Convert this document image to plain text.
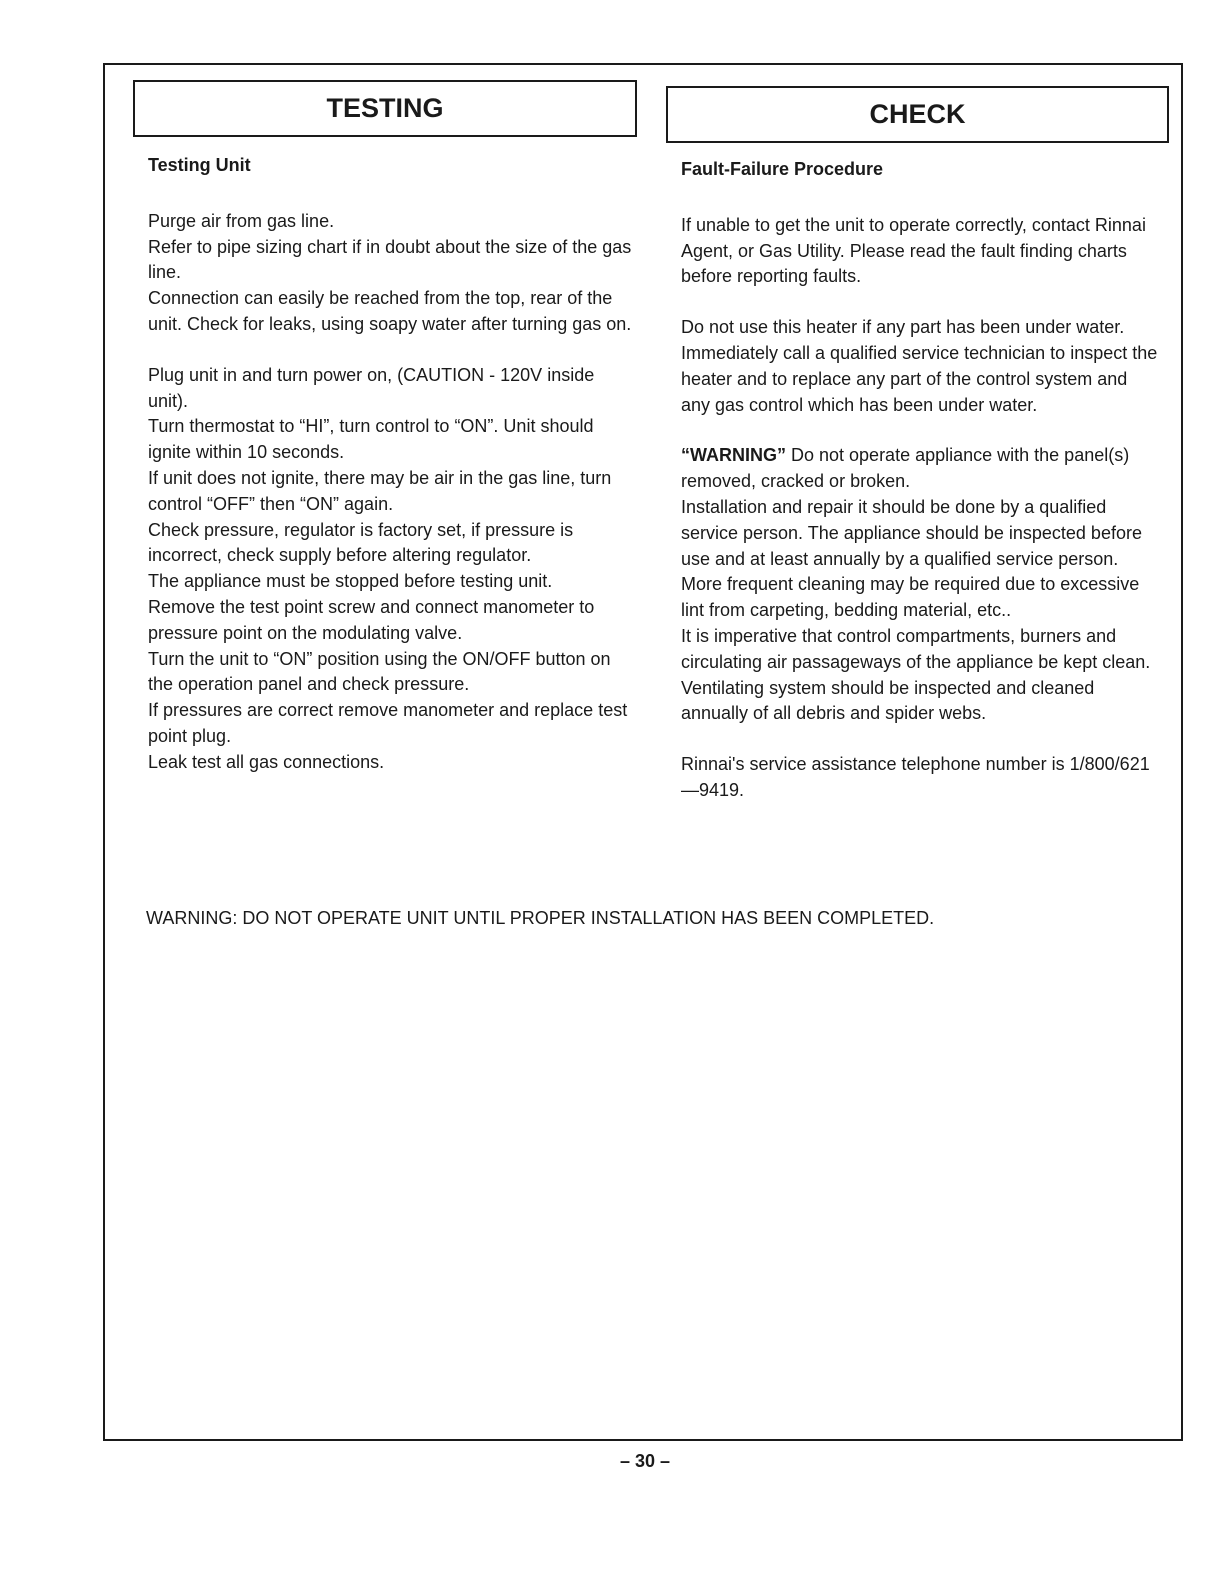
TESTING	CHECK

Testing Unit

Purge air from gas line.

Refer to pipe sizing chart if in doubt about the size of the gas line.

Connection can easily be reached from the top, rear of the unit. Check for leaks, using soapy water after turning gas on.

Plug unit in and turn power on, (CAUTION - 120V inside unit).

Turn thermostat to “HI”, turn control to “ON”. Unit should ignite within 10 seconds.

If unit does not ignite, there may be air in the gas line, turn control “OFF” then “ON” again.

Check pressure, regulator is factory set, if pressure is incorrect, check supply before altering regulator.

The appliance must be stopped before testing unit.

Remove the test point screw and connect manometer to pressure point on the modulating valve.

Turn the unit to “ON” position using the ON/OFF button on the operation panel and check pressure.

If pressures are correct remove manometer and replace test point plug.

Leak test all gas connections.

Fault-Failure Procedure

If unable to get the unit to operate correctly, contact Rinnai Agent, or Gas Utility. Please read the fault finding charts before reporting faults.

Do not use this heater if any part has been under water. Immediately call a qualified service technician to inspect the heater and to replace any part of the control system and any gas control which has been under water.

“WARNING” Do not operate appliance with the panel(s) removed, cracked or broken.

Installation and repair it should be done by a qualified service person. The appliance should be inspected before use and at least annually by a qualified service person.

More frequent cleaning may be required due to excessive lint from carpeting, bedding material, etc..

It is imperative that control compartments, burners and circulating air passageways of the appliance be kept clean. Ventilating system should be inspected and cleaned annually of all debris and spider webs.

Rinnai's service assistance telephone number is 1/800/621—9419.

WARNING: DO NOT OPERATE UNIT UNTIL PROPER INSTALLATION HAS BEEN COMPLETED.
– 30 –
